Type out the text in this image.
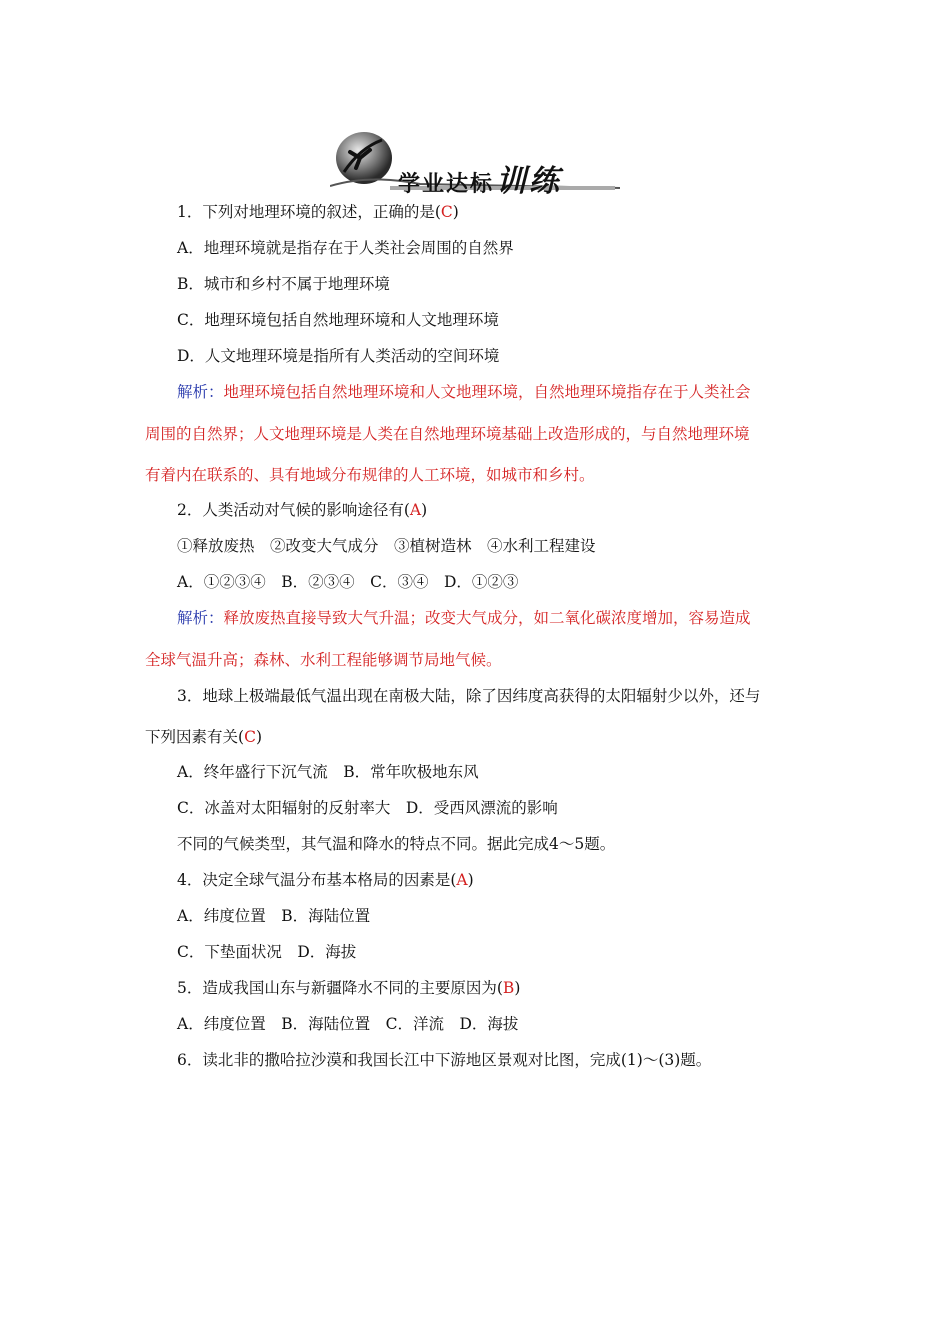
学业达标训练
1．下列对地理环境的叙述，正确的是(C)
A．地理环境就是指存在于人类社会周围的自然界
B．城市和乡村不属于地理环境
C．地理环境包括自然地理环境和人文地理环境
D．人文地理环境是指所有人类活动的空间环境
解析：地理环境包括自然地理环境和人文地理环境，自然地理环境指存在于人类社会
周围的自然界；人文地理环境是人类在自然地理环境基础上改造形成的，与自然地理环境
有着内在联系的、具有地域分布规律的人工环境，如城市和乡村。
2．人类活动对气候的影响途径有(A)
①释放废热　②改变大气成分　③植树造林　④水利工程建设
A．①②③④　B．②③④　C．③④　D．①②③
解析：释放废热直接导致大气升温；改变大气成分，如二氧化碳浓度增加，容易造成
全球气温升高；森林、水利工程能够调节局地气候。
3．地球上极端最低气温出现在南极大陆，除了因纬度高获得的太阳辐射少以外，还与
下列因素有关(C)
A．终年盛行下沉气流　B．常年吹极地东风
C．冰盖对太阳辐射的反射率大　D．受西风漂流的影响
不同的气候类型，其气温和降水的特点不同。据此完成4～5题。
4．决定全球气温分布基本格局的因素是(A)
A．纬度位置　B．海陆位置
C．下垫面状况　D．海拔
5．造成我国山东与新疆降水不同的主要原因为(B)
A．纬度位置　B．海陆位置　C．洋流　D．海拔
6．读北非的撒哈拉沙漠和我国长江中下游地区景观对比图，完成(1)～(3)题。
